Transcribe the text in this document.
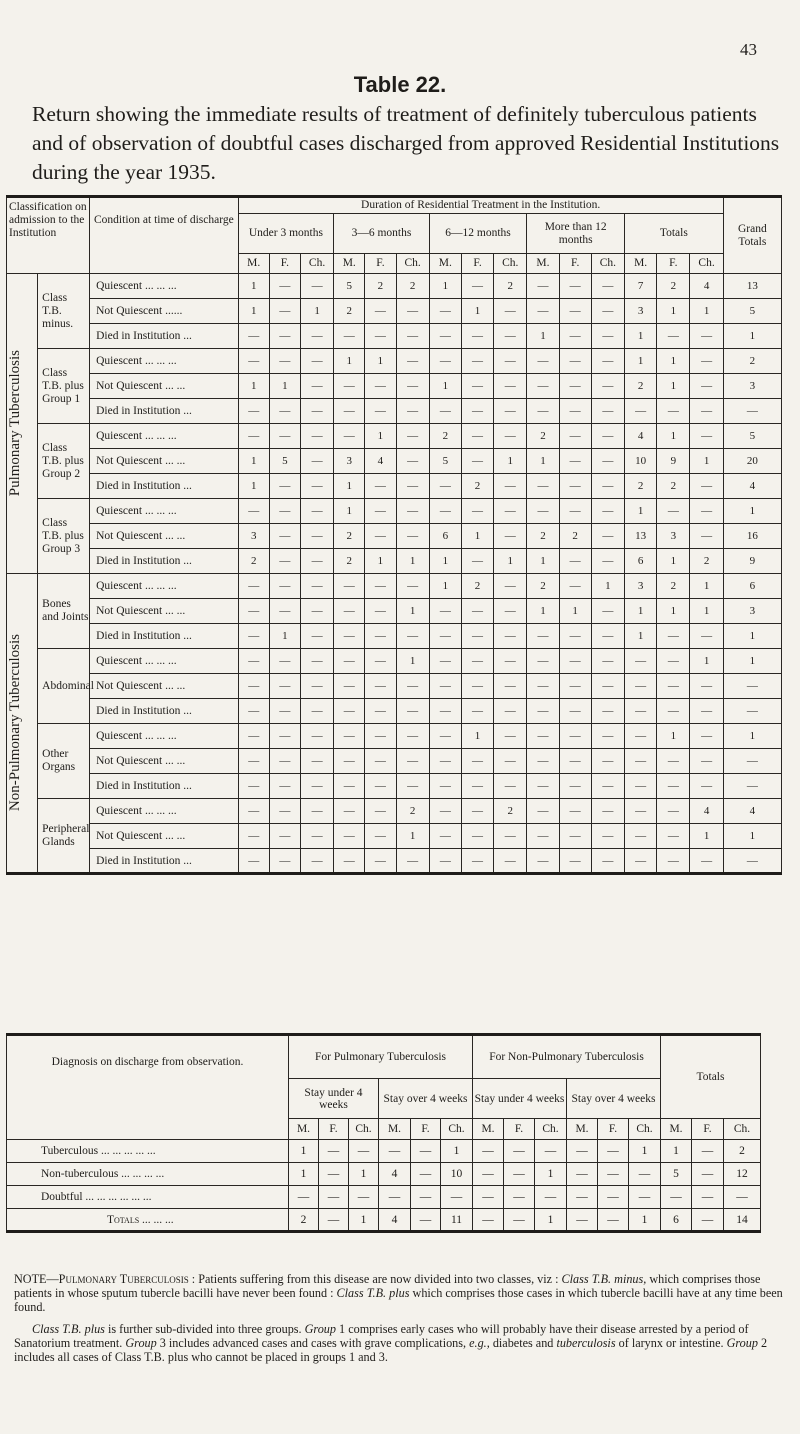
43
Table 22.
Return showing the immediate results of treatment of definitely tuberculous patients and of observation of doubtful cases discharged from approved Residential Institutions during the year 1935.
Classification on admission to the Institution		Condition at time of discharge	Duration of Residential Treatment in the Institution.															Grand Totals
			Under 3 months			3—6 months			6—12 months			More than 12 months			Totals			
			M.	F.	Ch.	M.	F.	Ch.	M.	F.	Ch.	M.	F.	Ch.	M.	F.	Ch.	

Pulmonary Tuberculosis	Class T.B. minus.	Quiescent ... ... ...	1	—	—	5	2	2	1	—	2	—	—	—	7	2	4	13
		Not Quiescent ......	1	—	1	2	—	—	—	1	—	—	—	—	3	1	1	5
		Died in Institution ...	—	—	—	—	—	—	—	—	—	1	—	—	1	—	—	1
	Class T.B. plus Group 1	Quiescent ... ... ...	—	—	—	1	1	—	—	—	—	—	—	—	1	1	—	2
		Not Quiescent ... ...	1	1	—	—	—	—	1	—	—	—	—	—	2	1	—	3
		Died in Institution ...	—	—	—	—	—	—	—	—	—	—	—	—	—	—	—	—
	Class T.B. plus Group 2	Quiescent ... ... ...	—	—	—	—	1	—	2	—	—	2	—	—	4	1	—	5
		Not Quiescent ... ...	1	5	—	3	4	—	5	—	1	1	—	—	10	9	1	20
		Died in Institution ...	1	—	—	1	—	—	—	2	—	—	—	—	2	2	—	4
	Class T.B. plus Group 3	Quiescent ... ... ...	—	—	—	1	—	—	—	—	—	—	—	—	1	—	—	1
		Not Quiescent ... ...	3	—	—	2	—	—	6	1	—	2	2	—	13	3	—	16
		Died in Institution ...	2	—	—	2	1	1	1	—	1	1	—	—	6	1	2	9

Non-Pulmonary Tuberculosis	Bones and Joints	Quiescent ... ... ...	—	—	—	—	—	—	1	2	—	2	—	1	3	2	1	6
		Not Quiescent ... ...	—	—	—	—	—	1	—	—	—	1	1	—	1	1	1	3
		Died in Institution ...	—	1	—	—	—	—	—	—	—	—	—	—	1	—	—	1
	Abdominal	Quiescent ... ... ...	—	—	—	—	—	1	—	—	—	—	—	—	—	—	1	1
		Not Quiescent ... ...	—	—	—	—	—	—	—	—	—	—	—	—	—	—	—	—
		Died in Institution ...	—	—	—	—	—	—	—	—	—	—	—	—	—	—	—	—
	Other Organs	Quiescent ... ... ...	—	—	—	—	—	—	—	1	—	—	—	—	—	1	—	1
		Not Quiescent ... ...	—	—	—	—	—	—	—	—	—	—	—	—	—	—	—	—
		Died in Institution ...	—	—	—	—	—	—	—	—	—	—	—	—	—	—	—	—
	Peripheral Glands	Quiescent ... ... ...	—	—	—	—	—	2	—	—	2	—	—	—	—	—	4	4
		Not Quiescent ... ...	—	—	—	—	—	1	—	—	—	—	—	—	—	—	1	1
		Died in Institution ...	—	—	—	—	—	—	—	—	—	—	—	—	—	—	—	—
Diagnosis on discharge from observation.	For Pulmonary Tuberculosis						For Non-Pulmonary Tuberculosis						Totals		
	Stay under 4 weeks			Stay over 4 weeks			Stay under 4 weeks			Stay over 4 weeks					
	M.	F.	Ch.	M.	F.	Ch.	M.	F.	Ch.	M.	F.	Ch.	M.	F.	Ch.
Tuberculous ... ... ... ... ...	1	—	—	—	—	1	—	—	—	—	—	1	1	—	2
Non-tuberculous ... ... ... ...	1	—	1	4	—	10	—	—	1	—	—	—	5	—	12
Doubtful ... ... ... ... ... ...	—	—	—	—	—	—	—	—	—	—	—	—	—	—	—
Totals ... ... ...	2	—	1	4	—	11	—	—	1	—	—	1	6	—	14

NOTE—Pulmonary Tuberculosis : Patients suffering from this disease are now divided into two classes, viz : Class T.B. minus, which comprises those patients in whose sputum tubercle bacilli have never been found : Class T.B. plus which comprises those cases in which tubercle bacilli have at any time been found.

Class T.B. plus is further sub-divided into three groups. Group 1 comprises early cases who will probably have their disease arrested by a period of Sanatorium treatment. Group 3 includes advanced cases and cases with grave complications, e.g., diabetes and tuberculosis of larynx or intestine. Group 2 includes all cases of Class T.B. plus who cannot be placed in groups 1 and 3.
